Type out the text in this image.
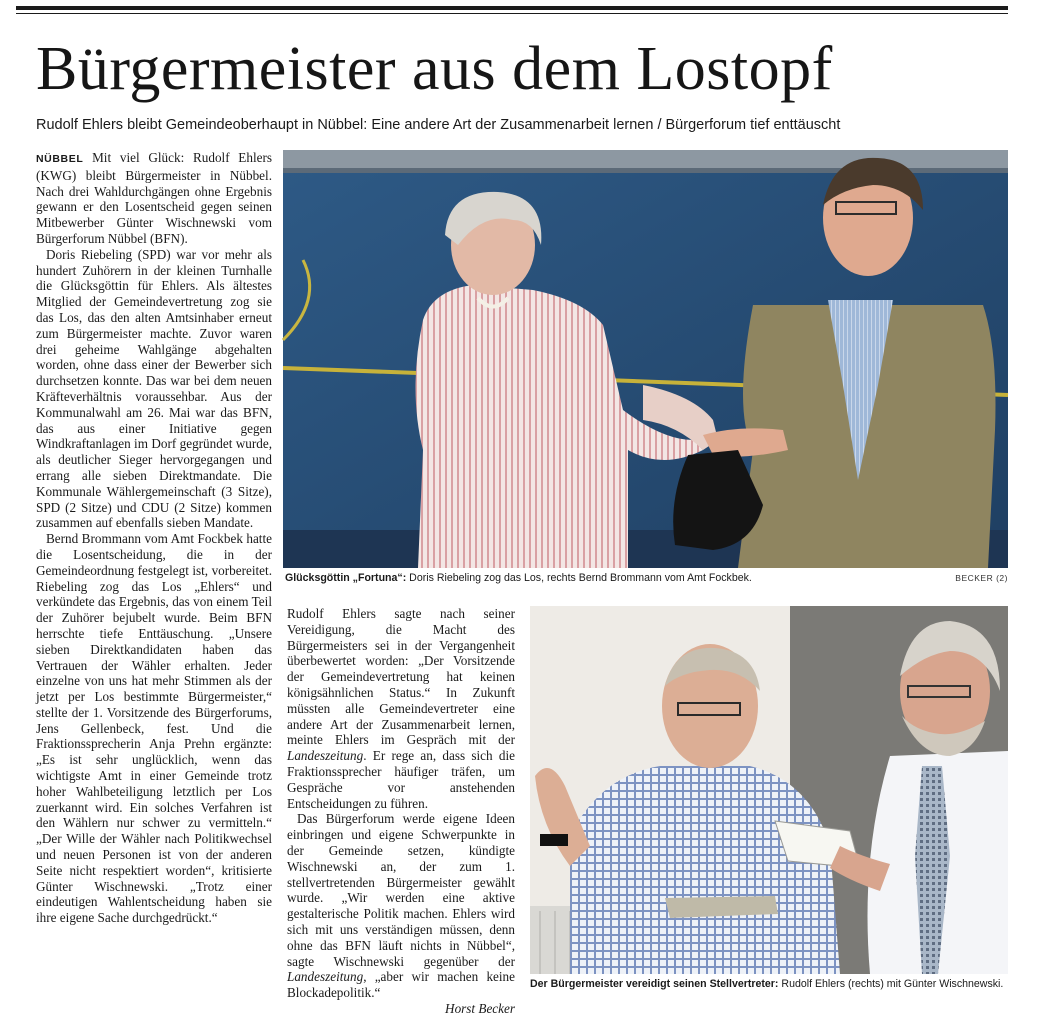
Bürgermeister aus dem Lostopf
Rudolf Ehlers bleibt Gemeindeoberhaupt in Nübbel: Eine andere Art der Zusammenarbeit lernen / Bürgerforum tief enttäuscht

NÜBBEL Mit viel Glück: Rudolf Ehlers (KWG) bleibt Bürgermeister in Nübbel. Nach drei Wahldurchgängen ohne Ergebnis gewann er den Losentscheid gegen seinen Mitbewerber Günter Wischnewski vom Bürgerforum Nübbel (BFN).

Doris Riebeling (SPD) war vor mehr als hundert Zuhörern in der kleinen Turnhalle die Glücksgöttin für Ehlers. Als ältestes Mitglied der Gemeindevertretung zog sie das Los, das den alten Amtsinhaber erneut zum Bürgermeister machte. Zuvor waren drei geheime Wahlgänge abgehalten worden, ohne dass einer der Bewerber sich durchsetzen konnte. Das war bei dem neuen Kräfteverhältnis voraussehbar. Aus der Kommunalwahl am 26. Mai war das BFN, das aus einer Initiative gegen Windkraftanlagen im Dorf gegründet wurde, als deutlicher Sieger hervorgegangen und errang alle sieben Direktmandate. Die Kommunale Wählergemeinschaft (3 Sitze), SPD (2 Sitze) und CDU (2 Sitze) kommen zusammen auf ebenfalls sieben Mandate.

Bernd Brommann vom Amt Fockbek hatte die Losentscheidung, die in der Gemeindeordnung festgelegt ist, vorbereitet. Riebeling zog das Los „Ehlers“ und verkündete das Ergebnis, das von einem Teil der Zuhörer bejubelt wurde. Beim BFN herrschte tiefe Enttäuschung. „Unsere sieben Direktkandidaten haben das Vertrauen der Wähler erhalten. Jeder einzelne von uns hat mehr Stimmen als der jetzt per Los bestimmte Bürgermeister,“ stellte der 1. Vorsitzende des Bürgerforums, Jens Gellenbeck, fest. Und die Fraktionssprecherin Anja Prehn ergänzte: „Es ist sehr unglücklich, wenn das wichtigste Amt in einer Gemeinde trotz hoher Wahlbeteiligung letztlich per Los zuerkannt wird. Ein solches Verfahren ist den Wählern nur schwer zu vermitteln.“ „Der Wille der Wähler nach Politikwechsel und neuen Personen ist von der anderen Seite nicht respektiert worden“, kritisierte Günter Wischnewski. „Trotz einer eindeutigen Wahlentscheidung haben sie ihre eigene Sache durchgedrückt.“

Glücksgöttin „Fortuna“: Doris Riebeling zog das Los, rechts Bernd Brommann vom Amt Fockbek.	BECKER (2)

Rudolf Ehlers sagte nach seiner Vereidigung, die Macht des Bürgermeisters sei in der Vergangenheit überbewertet worden: „Der Vorsitzende der Gemeindevertretung hat keinen königsähnlichen Status.“ In Zukunft müssten alle Gemeindevertreter eine andere Art der Zusammenarbeit lernen, meinte Ehlers im Gespräch mit der Landeszeitung. Er rege an, dass sich die Fraktionssprecher häufiger träfen, um Gespräche vor anstehenden Entscheidungen zu führen.

Das Bürgerforum werde eigene Ideen einbringen und eigene Schwerpunkte in der Gemeinde setzen, kündigte Wischnewski an, der zum 1. stellvertretenden Bürgermeister gewählt wurde. „Wir werden eine aktive gestalterische Politik machen. Ehlers wird sich mit uns verständigen müssen, denn ohne das BFN läuft nichts in Nübbel“, sagte Wischnewski gegenüber der Landeszeitung, „aber wir machen keine Blockadepolitik.“
Horst Becker

Der Bürgermeister vereidigt seinen Stellvertreter: Rudolf Ehlers (rechts) mit Günter Wischnewski.
